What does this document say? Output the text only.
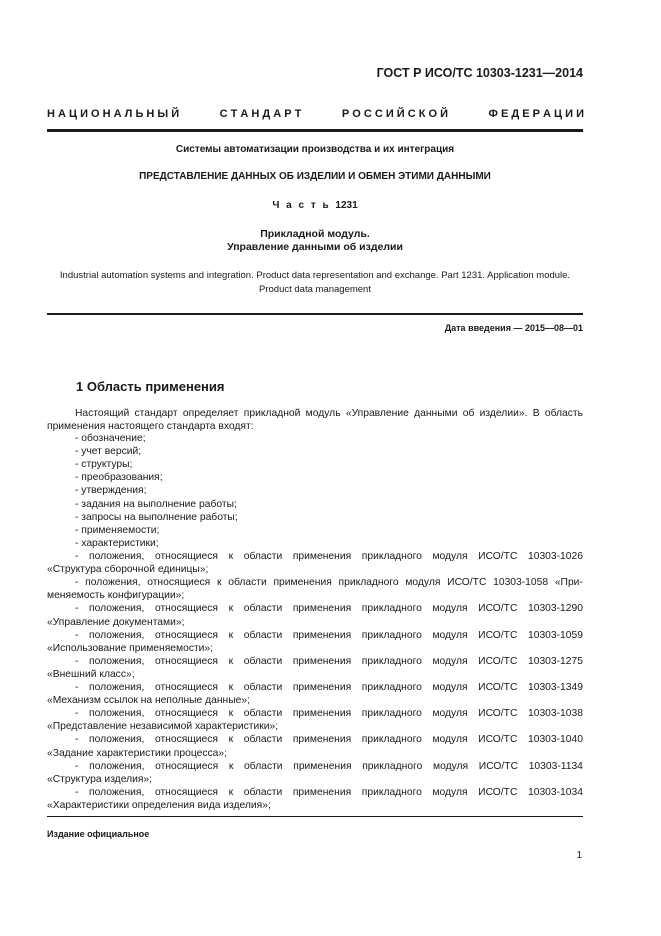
ГОСТ Р ИСО/ТС 10303-1231—2014
Н А Ц И О Н А Л Ь Н Ы Й	С Т А Н Д А Р Т	Р О С С И Й С К О Й	Ф Е Д Е Р А Ц И И
Системы автоматизации производства и их интеграция
ПРЕДСТАВЛЕНИЕ ДАННЫХ ОБ ИЗДЕЛИИ И ОБМЕН ЭТИМИ ДАННЫМИ
Ч а с т ь 1231
Прикладной модуль.
Управление данными об изделии
Industrial automation systems and integration. Product data representation and exchange. Part 1231. Application module. Product data management
Дата введения — 2015—08—01
1 Область применения
Настоящий стандарт определяет прикладной модуль «Управление данными об изделии». В область применения настоящего стандарта входят:
- обозначение;
- учет версий;
- структуры;
- преобразования;
- утверждения;
- задания на выполнение работы;
- запросы на выполнение работы;
- применяемости;
- характеристики;
- положения, относящиеся к области применения прикладного модуля ИСО/ТС 10303-1026
«Структура сборочной единицы»;
- положения, относящиеся к области применения прикладного модуля ИСО/ТС 10303-1058 «При-
меняемость конфигурации»;
- положения, относящиеся к области применения прикладного модуля ИСО/ТС 10303-1290
«Управление документами»;
- положения, относящиеся к области применения прикладного модуля ИСО/ТС 10303-1059
«Использование применяемости»;
- положения, относящиеся к области применения прикладного модуля ИСО/ТС 10303-1275
«Внешний класс»;
- положения, относящиеся к области применения прикладного модуля ИСО/ТС 10303-1349
«Механизм ссылок на неполные данные»;
- положения, относящиеся к области применения прикладного модуля ИСО/ТС 10303-1038
«Представление независимой характеристики»;
- положения, относящиеся к области применения прикладного модуля ИСО/ТС 10303-1040
«Задание характеристики процесса»;
- положения, относящиеся к области применения прикладного модуля ИСО/ТС 10303-1134
«Структура изделия»;
- положения, относящиеся к области применения прикладного модуля ИСО/ТС 10303-1034
«Характеристики определения вида изделия»;
Издание официальное
1
